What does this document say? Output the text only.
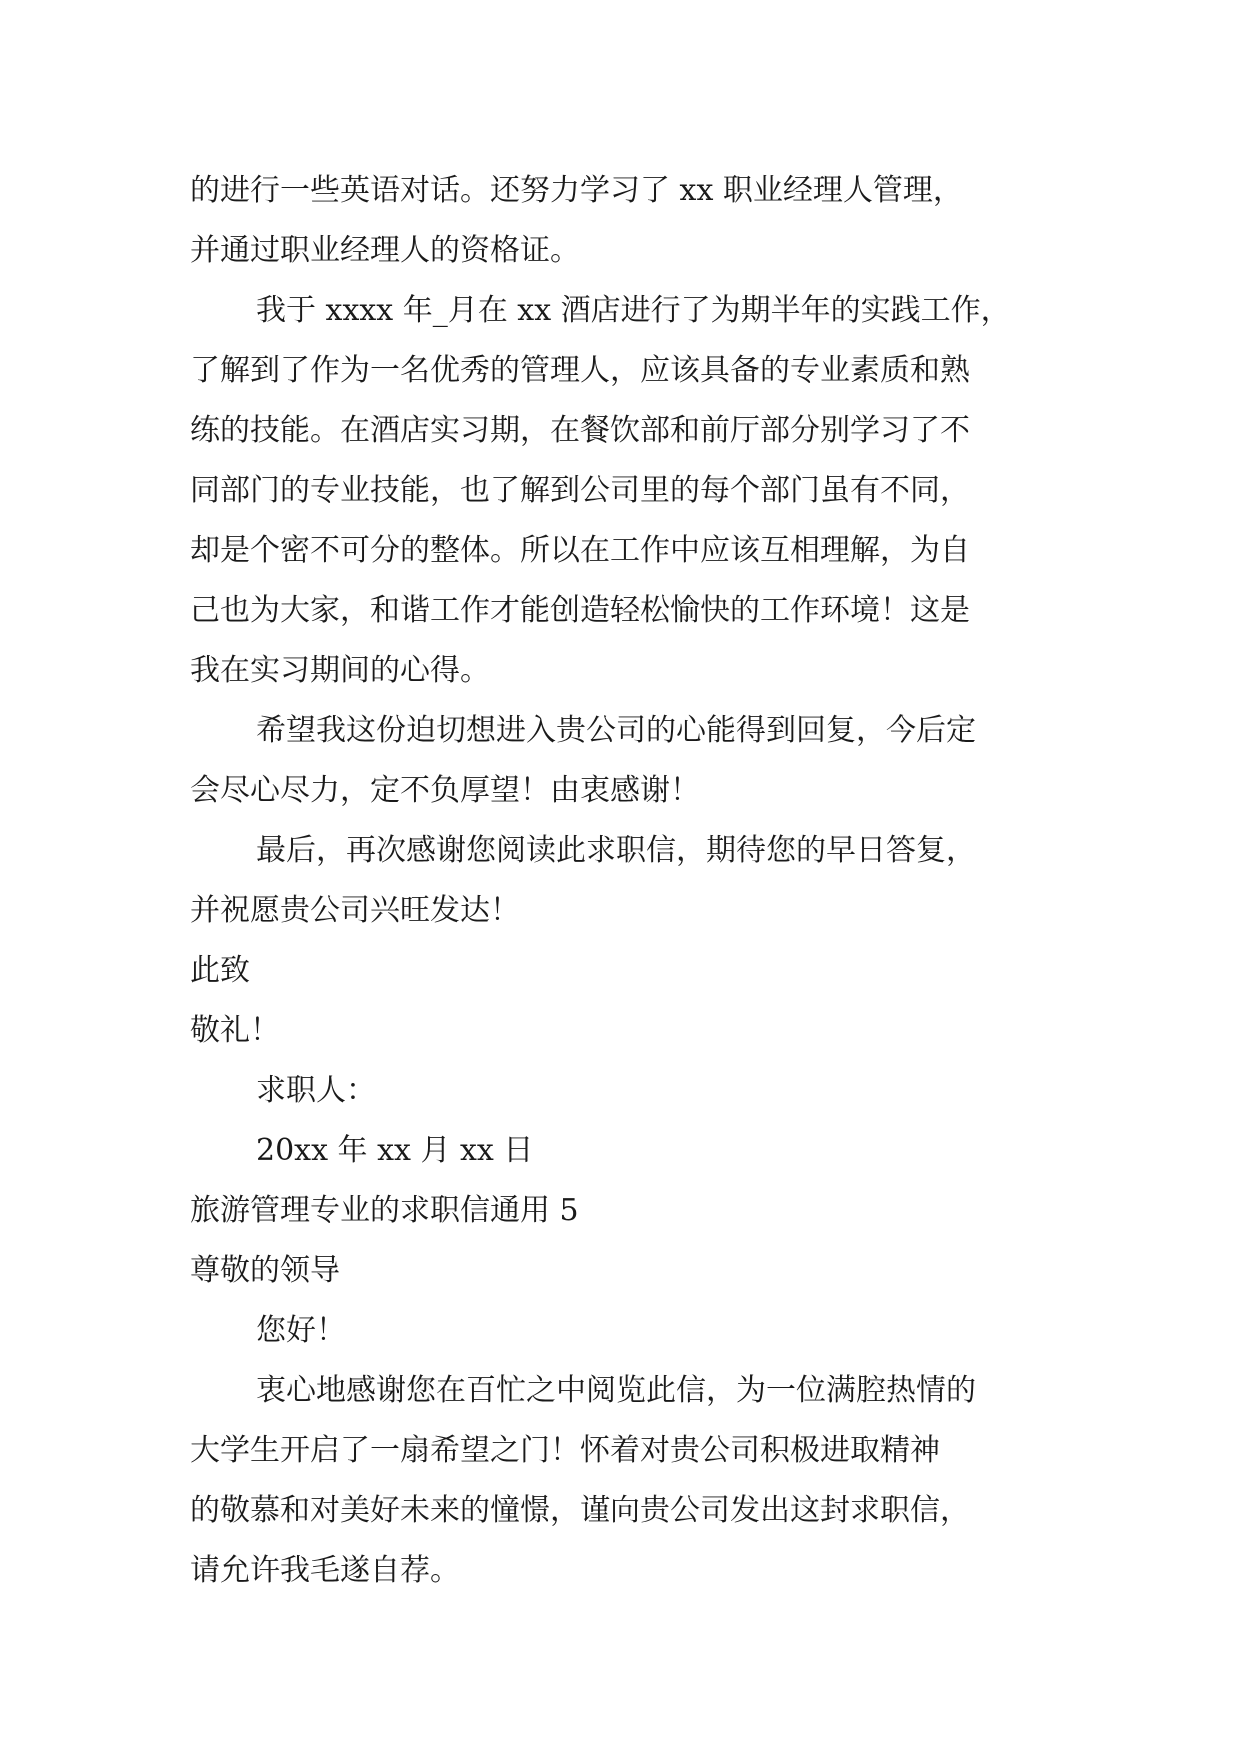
的进行一些英语对话。还努力学习了 xx 职业经理人管理，
并通过职业经理人的资格证。
我于 xxxx 年_月在 xx 酒店进行了为期半年的实践工作，
了解到了作为一名优秀的管理人，应该具备的专业素质和熟
练的技能。在酒店实习期，在餐饮部和前厅部分别学习了不
同部门的专业技能，也了解到公司里的每个部门虽有不同，
却是个密不可分的整体。所以在工作中应该互相理解，为自
己也为大家，和谐工作才能创造轻松愉快的工作环境！这是
我在实习期间的心得。
希望我这份迫切想进入贵公司的心能得到回复，今后定
会尽心尽力，定不负厚望！由衷感谢！
最后，再次感谢您阅读此求职信，期待您的早日答复，
并祝愿贵公司兴旺发达！
此致
敬礼！
求职人：
20xx 年 xx 月 xx 日
旅游管理专业的求职信通用 5
尊敬的领导
您好！
衷心地感谢您在百忙之中阅览此信，为一位满腔热情的
大学生开启了一扇希望之门！怀着对贵公司积极进取精神
的敬慕和对美好未来的憧憬，谨向贵公司发出这封求职信，
请允许我毛遂自荐。
